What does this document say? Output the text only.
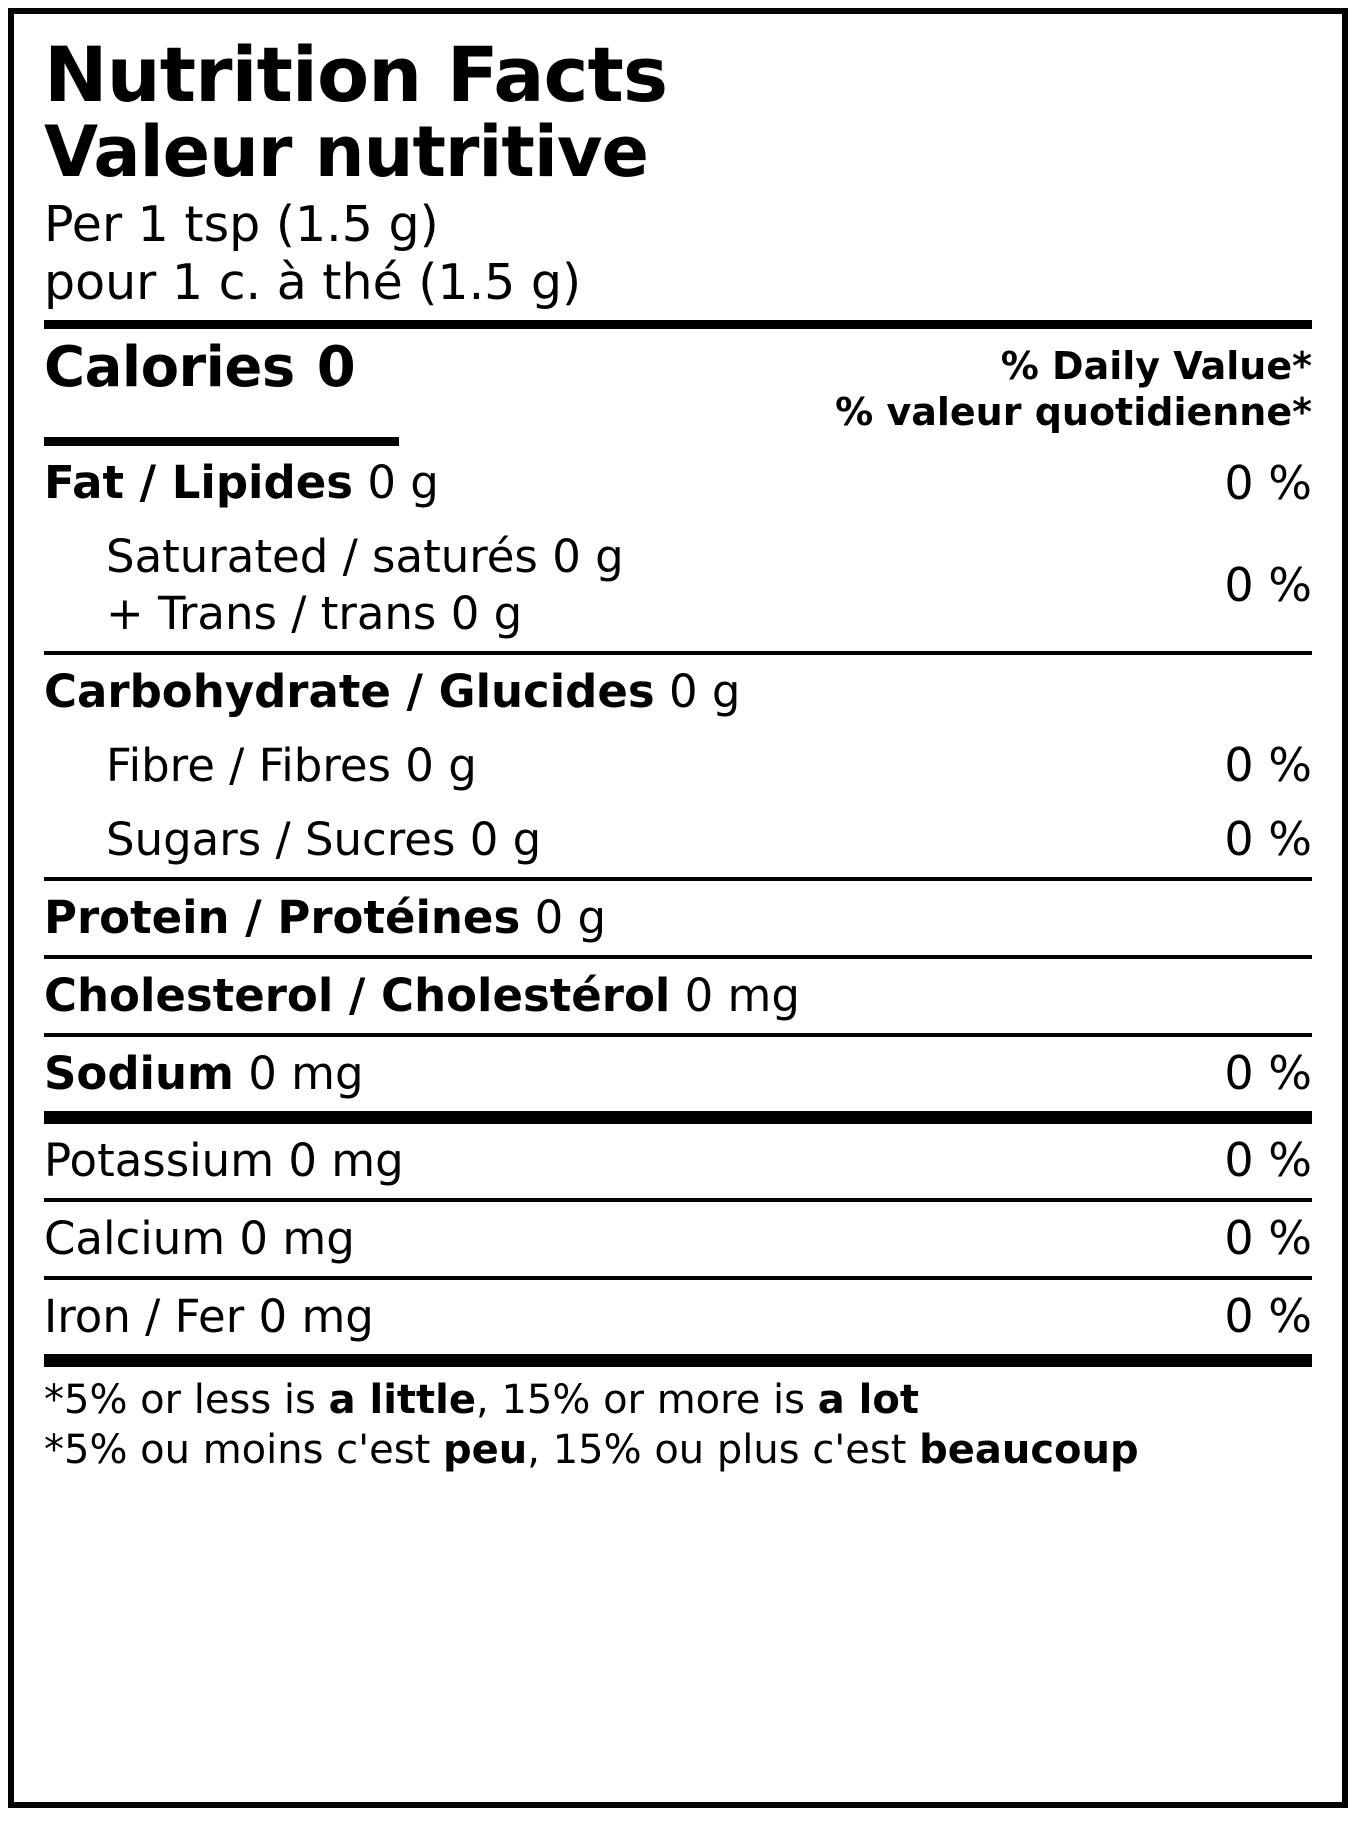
Nutrition Facts
Valeur nutritive
Per 1 tsp (1.5 g)
pour 1 c. à thé (1.5 g)
Calories 0	% Daily Value*
% valeur quotidienne*
Fat / Lipides 0 g	0 %
Saturated / saturés 0 g
+ Trans / trans 0 g
0 %
Carbohydrate / Glucides 0 g
Fibre / Fibres 0 g	0 %
Sugars / Sucres 0 g	0 %
Protein / Protéines 0 g
Cholesterol / Cholestérol 0 mg
Sodium 0 mg	0 %
Potassium 0 mg	0 %
Calcium 0 mg	0 %
Iron / Fer 0 mg	0 %
*5% or less is a little, 15% or more is a lot
*5% ou moins c'est peu, 15% ou plus c'est beaucoup
